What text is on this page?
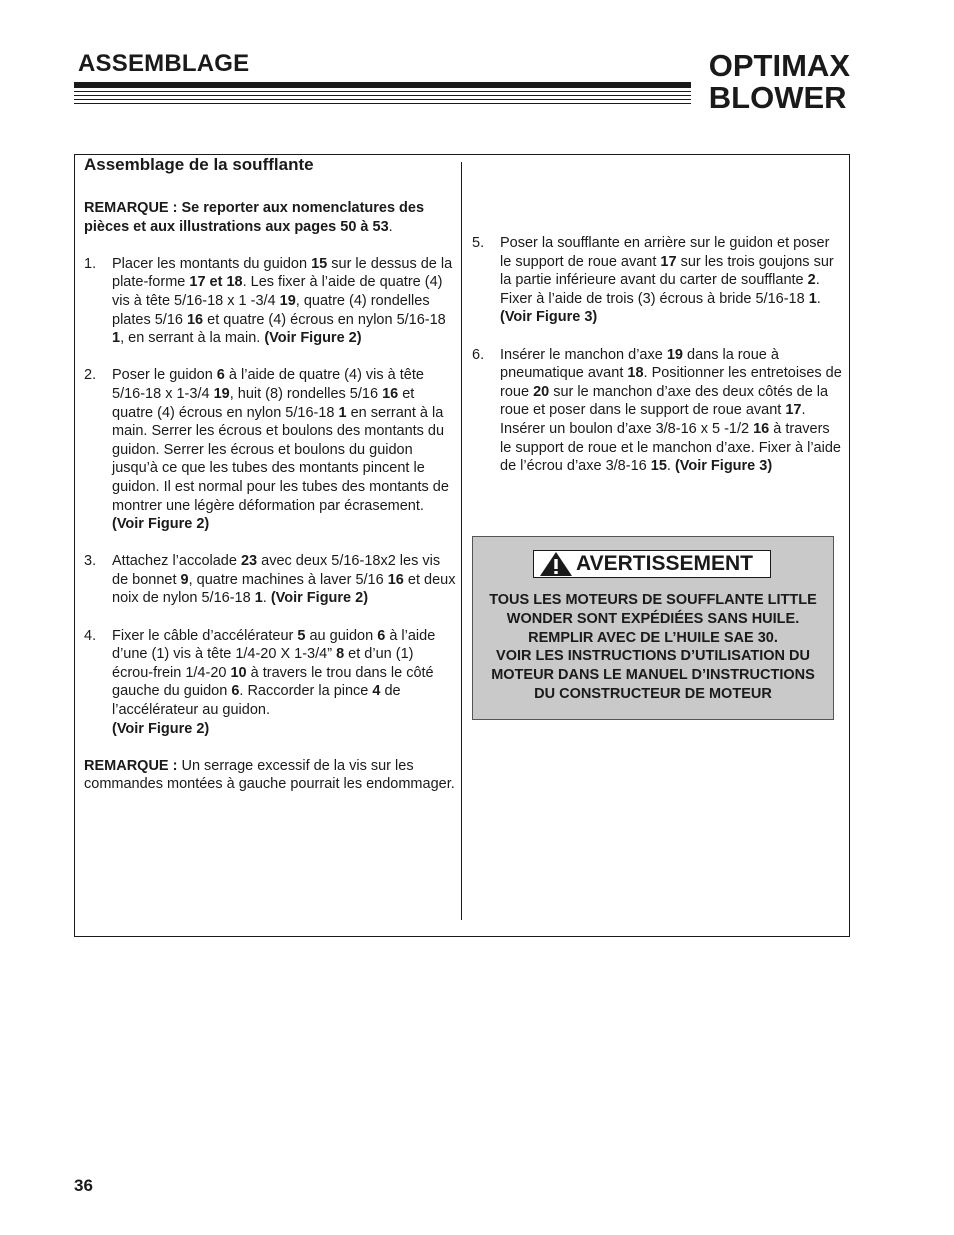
ASSEMBLAGE	OPTIMAX
BLOWER
Assemblage de la soufflante

REMARQUE : Se reporter aux nomenclatures des pièces et aux illustrations aux pages 50 à 53.

1. Placer les montants du guidon 15 sur le dessus de la plate-forme 17 et 18. Les fixer à l’aide de quatre (4) vis à tête 5/16-18 x 1 -3/4 19, quatre (4) rondelles plates 5/16 16 et quatre (4) écrous en nylon 5/16-18 1, en serrant à la main. (Voir Figure 2)
2. Poser le guidon 6 à l’aide de quatre (4) vis à tête 5/16-18 x 1-3/4 19, huit (8) rondelles 5/16 16 et quatre (4) écrous en nylon 5/16-18 1 en serrant à la main. Serrer les écrous et boulons des montants du guidon. Serrer les écrous et boulons du guidon jusqu’à ce que les tubes des montants pincent le guidon. Il est normal pour les tubes des montants de montrer une légère déformation par écrasement. (Voir Figure 2)
3. Attachez l’accolade 23 avec deux 5/16-18x2 les vis de bonnet 9, quatre machines à laver 5/16 16 et deux noix de nylon 5/16-18 1. (Voir Figure 2)
4. Fixer le câble d’accélérateur 5 au guidon 6 à l’aide d’une (1) vis à tête 1/4-20 X 1-3/4” 8 et d’un (1) écrou-frein 1/4-20 10 à travers le trou dans le côté gauche du guidon 6. Raccorder la pince 4 de l’accélérateur au guidon.
(Voir Figure 2)

REMARQUE : Un serrage excessif de la vis sur les commandes montées à gauche pourrait les endommager.

5. Poser la soufflante en arrière sur le guidon et poser le support de roue avant 17 sur les trois goujons sur la partie inférieure avant du carter de soufflante 2. Fixer à l’aide de trois (3) écrous à bride 5/16-18 1. (Voir Figure 3)
6. Insérer le manchon d’axe 19 dans la roue à pneumatique avant 18. Positionner les entretoises de roue 20 sur le manchon d’axe des deux côtés de la roue et poser dans le support de roue avant 17. Insérer un boulon d’axe 3/8-16 x 5 -1/2 16 à travers le support de roue et le manchon d’axe. Fixer à l’aide de l’écrou d’axe 3/8-16 15. (Voir Figure 3)
AVERTISSEMENT
TOUS LES MOTEURS DE SOUFFLANTE LITTLE
WONDER SONT EXPÉDIÉES SANS HUILE.
REMPLIR AVEC DE L’HUILE SAE 30.
VOIR LES INSTRUCTIONS D’UTILISATION DU
MOTEUR DANS LE MANUEL D’INSTRUCTIONS
DU CONSTRUCTEUR DE MOTEUR

36
